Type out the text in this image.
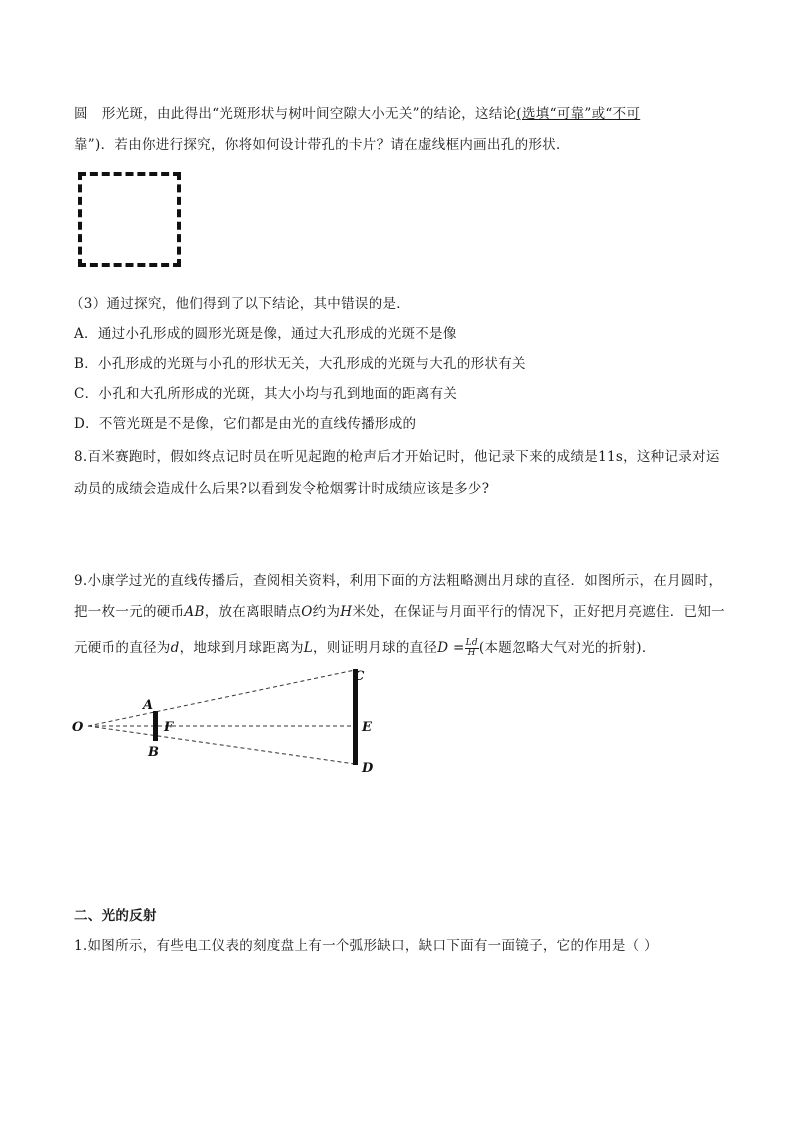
圆 形光斑，由此得出“光斑形状与树叶间空隙大小无关”的结论，这结论(选填“可靠”或“不可
靠”)．若由你进行探究，你将如何设计带孔的卡片？请在虚线框内画出孔的形状．
（3）通过探究，他们得到了以下结论，其中错误的是．
A．通过小孔形成的圆形光斑是像，通过大孔形成的光斑不是像
B．小孔形成的光斑与小孔的形状无关，大孔形成的光斑与大孔的形状有关
C．小孔和大孔所形成的光斑，其大小均与孔到地面的距离有关
D．不管光斑是不是像，它们都是由光的直线传播形成的
8.百米赛跑时，假如终点记时员在听见起跑的枪声后才开始记时，他记录下来的成绩是11s，这种记录对运
动员的成绩会造成什么后果?以看到发令枪烟雾计时成绩应该是多少?
9.小康学过光的直线传播后，查阅相关资料，利用下面的方法粗略测出月球的直径．如图所示，在月圆时，
把一枚一元的硬币AB，放在离眼睛点O约为H米处，在保证与月面平行的情况下，正好把月亮遮住．已知一
元硬币的直径为d，地球到月球距离为L，则证明月球的直径$D = \frac{Ld}{H}$ (本题忽略大气对光的折射)．
O
A
B
F
C
E
D
二、光的反射
1.如图所示，有些电工仪表的刻度盘上有一个弧形缺口，缺口下面有一面镜子，它的作用是（ ）
